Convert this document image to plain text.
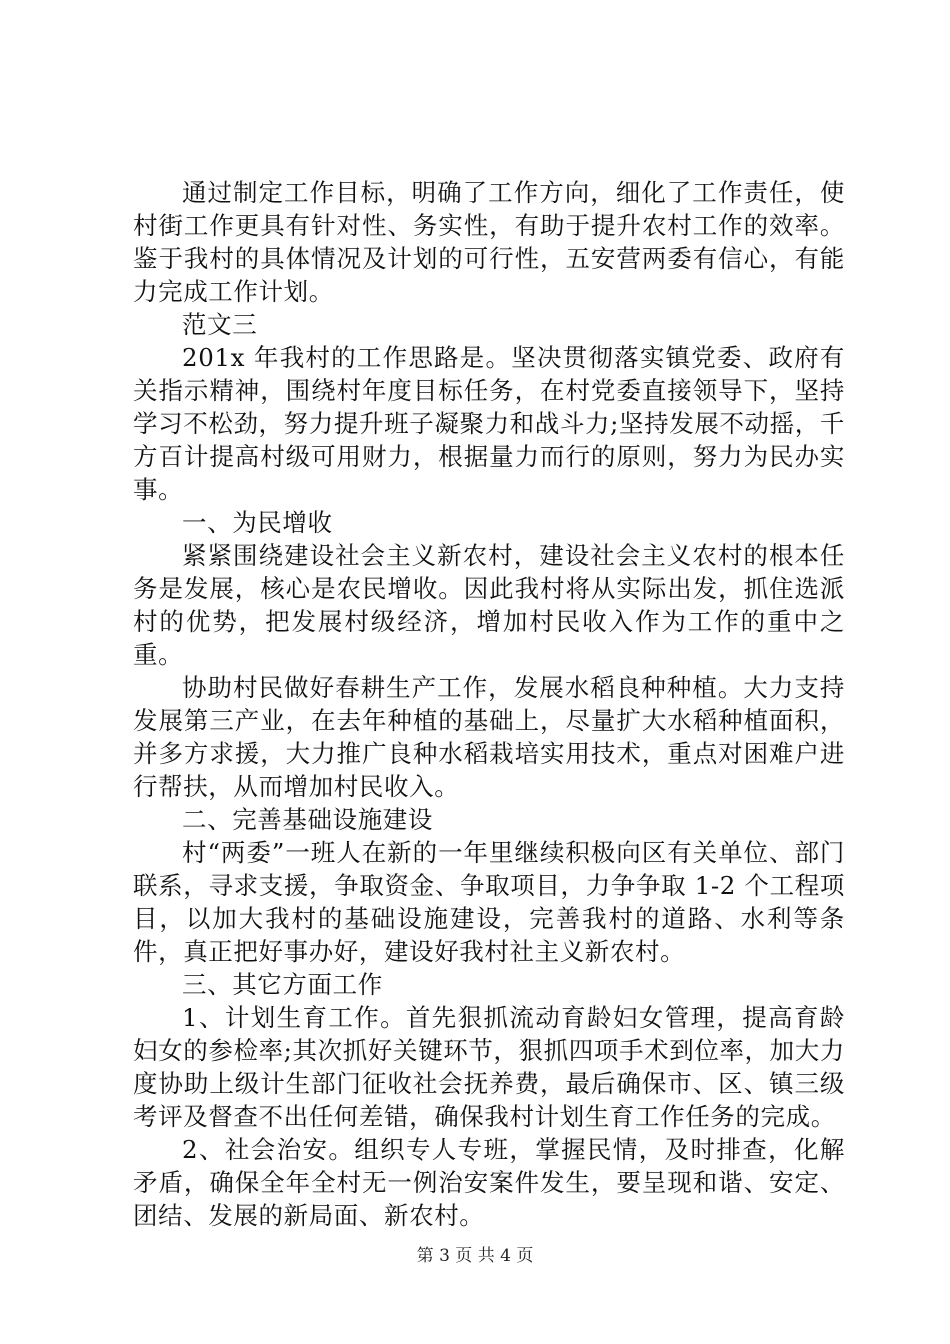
通过制定工作目标，明确了工作方向，细化了工作责任，使村街工作更具有针对性、务实性，有助于提升农村工作的效率。鉴于我村的具体情况及计划的可行性，五安营两委有信心，有能力完成工作计划。

范文三

201x 年我村的工作思路是。坚决贯彻落实镇党委、政府有关指示精神，围绕村年度目标任务，在村党委直接领导下，坚持学习不松劲，努力提升班子凝聚力和战斗力;坚持发展不动摇，千方百计提高村级可用财力，根据量力而行的原则，努力为民办实事。

一、为民增收

紧紧围绕建设社会主义新农村，建设社会主义农村的根本任务是发展，核心是农民增收。因此我村将从实际出发，抓住选派村的优势，把发展村级经济，增加村民收入作为工作的重中之重。

协助村民做好春耕生产工作，发展水稻良种种植。大力支持发展第三产业，在去年种植的基础上，尽量扩大水稻种植面积，并多方求援，大力推广良种水稻栽培实用技术，重点对困难户进行帮扶，从而增加村民收入。

二、完善基础设施建设

村“两委”一班人在新的一年里继续积极向区有关单位、部门联系，寻求支援，争取资金、争取项目，力争争取 1-2 个工程项目，以加大我村的基础设施建设，完善我村的道路、水利等条件，真正把好事办好，建设好我村社主义新农村。

三、其它方面工作

1、计划生育工作。首先狠抓流动育龄妇女管理，提高育龄妇女的参检率;其次抓好关键环节，狠抓四项手术到位率，加大力度协助上级计生部门征收社会抚养费，最后确保市、区、镇三级考评及督查不出任何差错，确保我村计划生育工作任务的完成。

2、社会治安。组织专人专班，掌握民情，及时排查，化解矛盾，确保全年全村无一例治安案件发生，要呈现和谐、安定、团结、发展的新局面、新农村。

第 3 页 共 4 页
